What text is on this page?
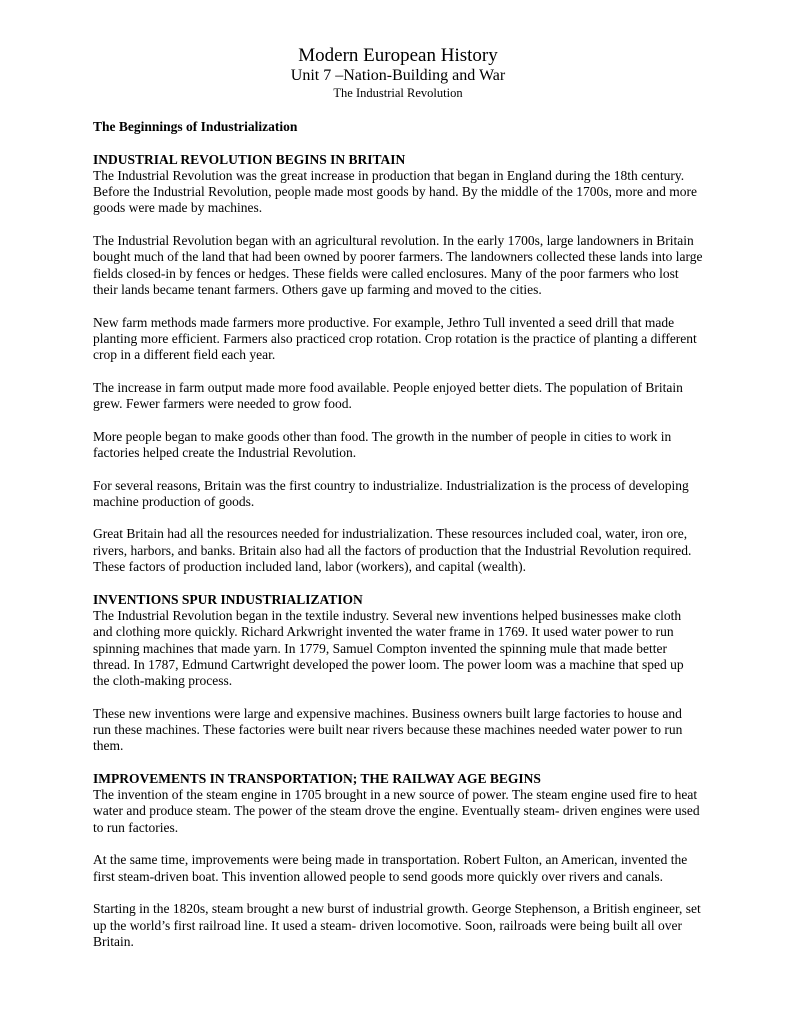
Modern European History
Unit 7 –Nation-Building and War
The Industrial Revolution
The Beginnings of Industrialization
INDUSTRIAL REVOLUTION BEGINS IN BRITAIN

The Industrial Revolution was the great increase in production that began in England during the 18th century. Before the Industrial Revolution, people made most goods by hand. By the middle of the 1700s, more and more goods were made by machines.

The Industrial Revolution began with an agricultural revolution. In the early 1700s, large landowners in Britain bought much of the land that had been owned by poorer farmers. The landowners collected these lands into large fields closed-in by fences or hedges. These fields were called enclosures. Many of the poor farmers who lost their lands became tenant farmers. Others gave up farming and moved to the cities.

New farm methods made farmers more productive. For example, Jethro Tull invented a seed drill that made planting more efficient. Farmers also practiced crop rotation. Crop rotation is the practice of planting a different crop in a different field each year.

The increase in farm output made more food available. People enjoyed better diets. The population of Britain grew. Fewer farmers were needed to grow food.

More people began to make goods other than food. The growth in the number of people in cities to work in factories helped create the Industrial Revolution.

For several reasons, Britain was the first country to industrialize. Industrialization is the process of developing machine production of goods.

Great Britain had all the resources needed for industrialization. These resources included coal, water, iron ore, rivers, harbors, and banks. Britain also had all the factors of production that the Industrial Revolution required. These factors of production included land, labor (workers), and capital (wealth).

INVENTIONS SPUR INDUSTRIALIZATION

The Industrial Revolution began in the textile industry. Several new inventions helped businesses make cloth and clothing more quickly. Richard Arkwright invented the water frame in 1769. It used water power to run spinning machines that made yarn. In 1779, Samuel Compton invented the spinning mule that made better thread. In 1787, Edmund Cartwright developed the power loom. The power loom was a machine that sped up the cloth-making process.

These new inventions were large and expensive machines. Business owners built large factories to house and run these machines. These factories were built near rivers because these machines needed water power to run them.

IMPROVEMENTS IN TRANSPORTATION; THE RAILWAY AGE BEGINS

The invention of the steam engine in 1705 brought in a new source of power. The steam engine used fire to heat water and produce steam. The power of the steam drove the engine. Eventually steam- driven engines were used to run factories.

At the same time, improvements were being made in transportation. Robert Fulton, an American, invented the first steam-driven boat. This invention allowed people to send goods more quickly over rivers and canals.

Starting in the 1820s, steam brought a new burst of industrial growth. George Stephenson, a British engineer, set up the world’s first railroad line. It used a steam- driven locomotive. Soon, railroads were being built all over Britain.
